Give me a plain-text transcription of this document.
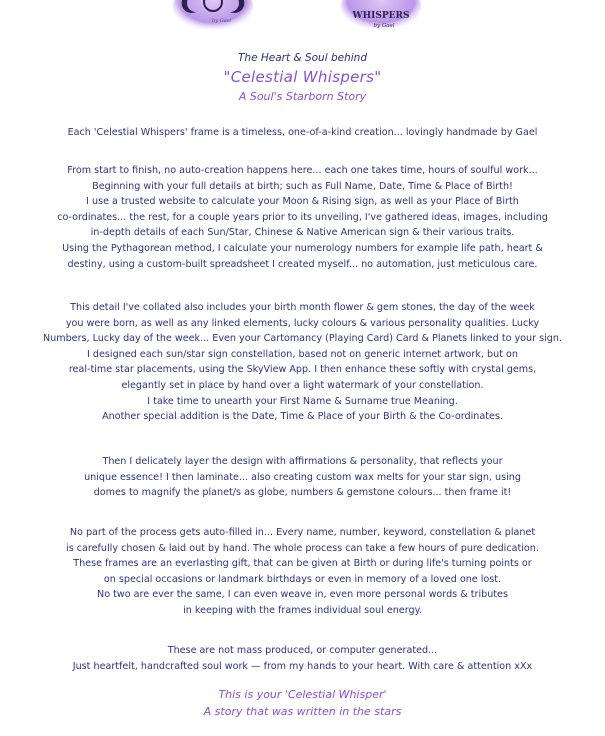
by Gael	WHISPERS
by Gael
The Heart & Soul behind
"Celestial Whispers"
A Soul's Starborn Story

Each 'Celestial Whispers' frame is a timeless, one-of-a-kind creation... lovingly handmade by Gael

From start to finish, no auto-creation happens here... each one takes time, hours of soulful work...

Beginning with your full details at birth; such as Full Name, Date, Time & Place of Birth!

I use a trusted website to calculate your Moon & Rising sign, as well as your Place of Birth

co-ordinates... the rest, for a couple years prior to its unveiling, I've gathered ideas, images, including

in-depth details of each Sun/Star, Chinese & Native American sign & their various traits.

Using the Pythagorean method, I calculate your numerology numbers for example life path, heart &

destiny, using a custom-built spreadsheet I created myself... no automation, just meticulous care.

This detail I've collated also includes your birth month flower & gem stones, the day of the week

you were born, as well as any linked elements, lucky colours & various personality qualities. Lucky

Numbers, Lucky day of the week... Even your Cartomancy (Playing Card) Card & Planets linked to your sign.

I designed each sun/star sign constellation, based not on generic internet artwork, but on

real-time star placements, using the SkyView App. I then enhance these softly with crystal gems,

elegantly set in place by hand over a light watermark of your constellation.

I take time to unearth your First Name & Surname true Meaning.

Another special addition is the Date, Time & Place of your Birth & the Co-ordinates.

Then I delicately layer the design with affirmations & personality, that reflects your

unique essence! I then laminate... also creating custom wax melts for your star sign, using

domes to magnify the planet/s as globe, numbers & gemstone colours... then frame it!

No part of the process gets auto-filled in... Every name, number, keyword, constellation & planet

is carefully chosen & laid out by hand. The whole process can take a few hours of pure dedication.

These frames are an everlasting gift, that can be given at Birth or during life's turning points or

on special occasions or landmark birthdays or even in memory of a loved one lost.

No two are ever the same, I can even weave in, even more personal words & tributes

in keeping with the frames individual soul energy.

These are not mass produced, or computer generated...

Just heartfelt, handcrafted soul work — from my hands to your heart. With care & attention xXx

This is your 'Celestial Whisper'
A story that was written in the stars
